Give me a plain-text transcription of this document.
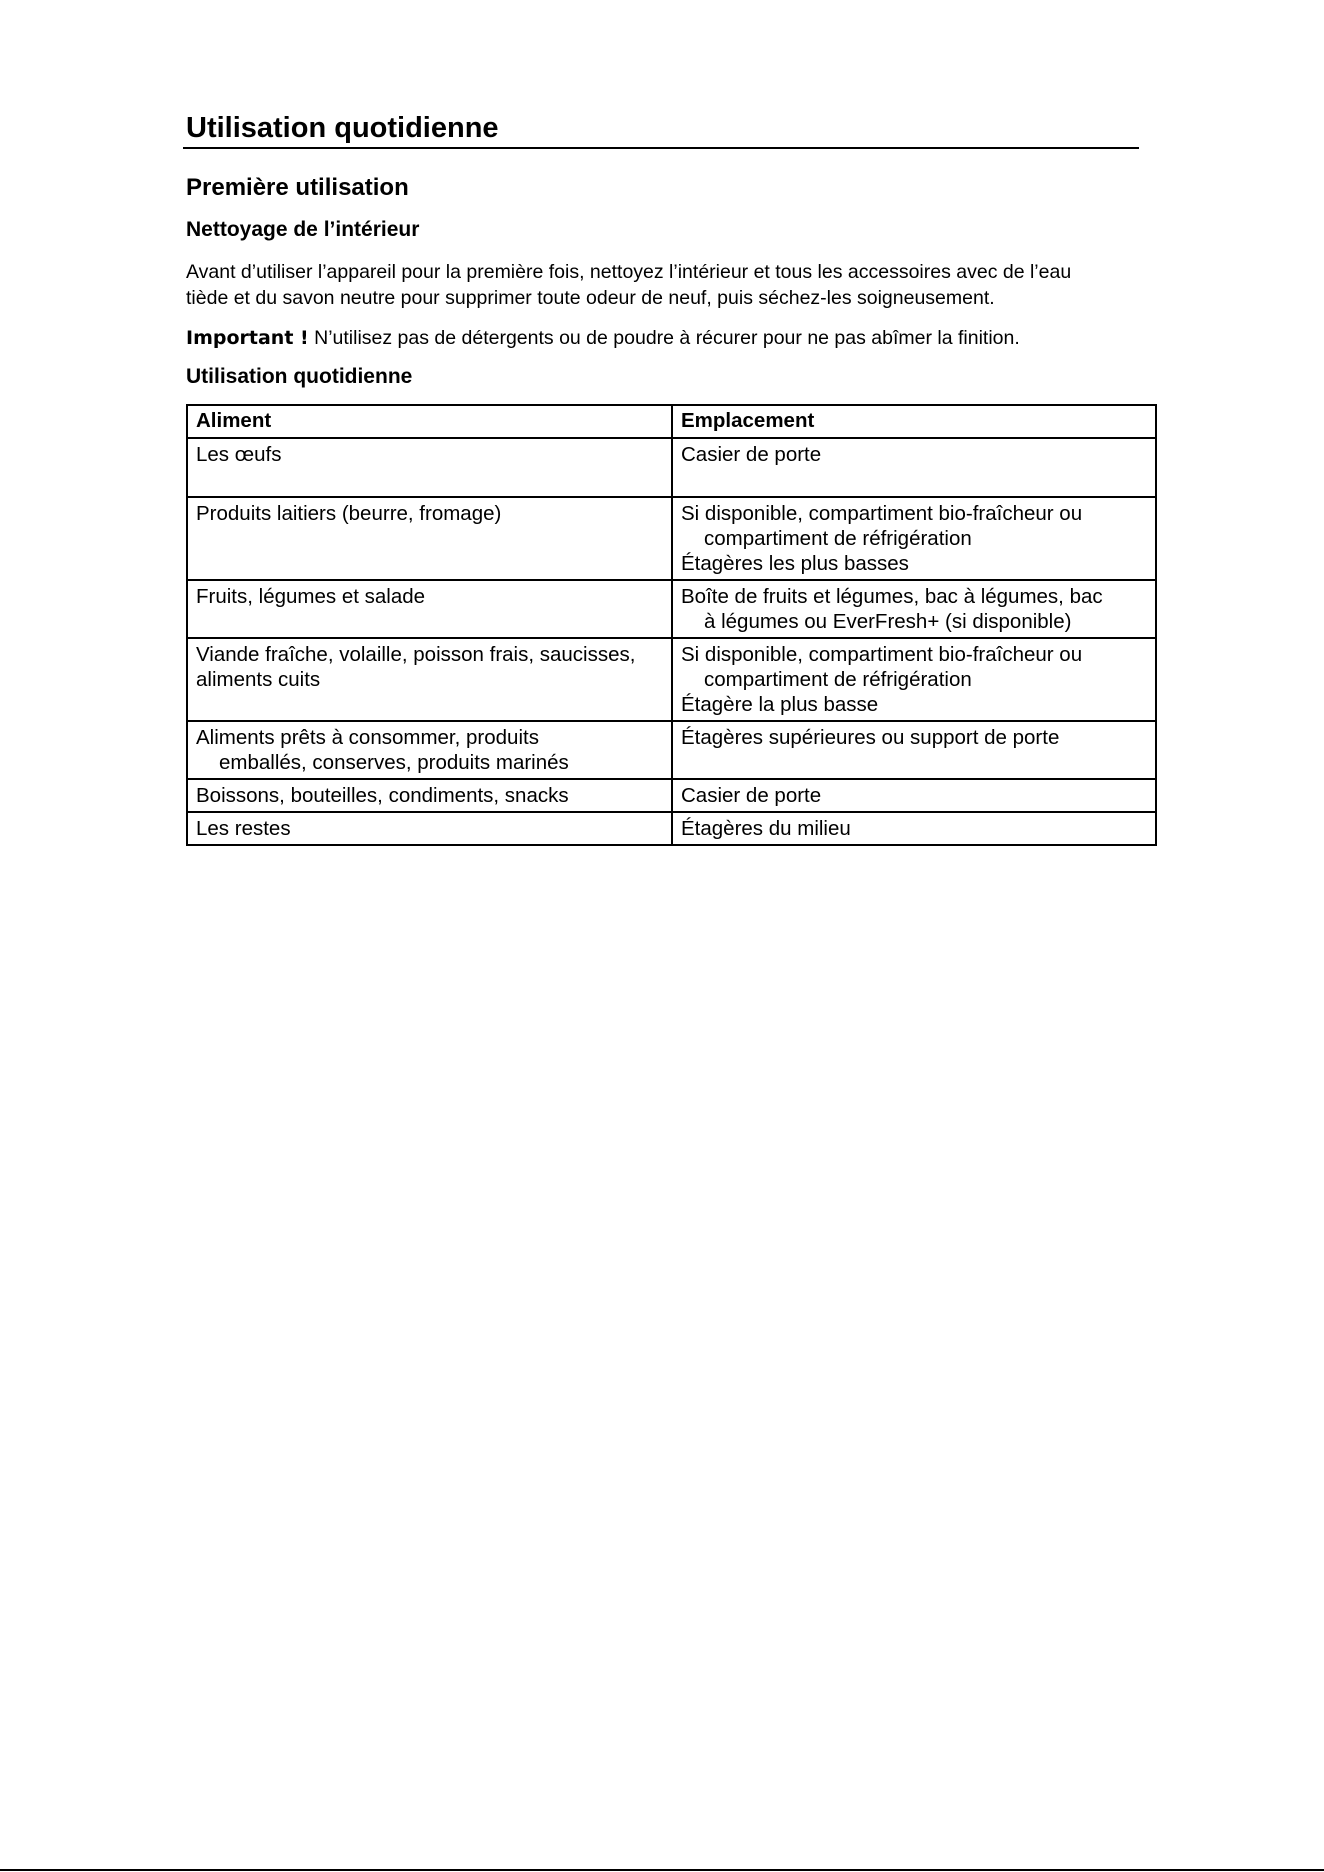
Utilisation quotidienne
Première utilisation
Nettoyage de l’intérieur

Avant d’utiliser l’appareil pour la première fois, nettoyez l’intérieur et tous les accessoires avec de l’eau
tiède et du savon neutre pour supprimer toute odeur de neuf, puis séchez-les soigneusement.

Important ! N’utilisez pas de détergents ou de poudre à récurer pour ne pas abîmer la finition.

Utilisation quotidienne
Aliment	Emplacement

Les œufs	Casier de porte

Produits laitiers (beurre, fromage)	Si disponible, compartiment bio-fraîcheur ou
compartiment de réfrigération
Étagères les plus basses

Fruits, légumes et salade	Boîte de fruits et légumes, bac à légumes, bac
à légumes ou EverFresh+ (si disponible)

Viande fraîche, volaille, poisson frais, saucisses,
aliments cuits	Si disponible, compartiment bio-fraîcheur ou
compartiment de réfrigération
Étagère la plus basse

Aliments prêts à consommer, produits
emballés, conserves, produits marinés	Étagères supérieures ou support de porte

Boissons, bouteilles, condiments, snacks	Casier de porte

Les restes	Étagères du milieu
